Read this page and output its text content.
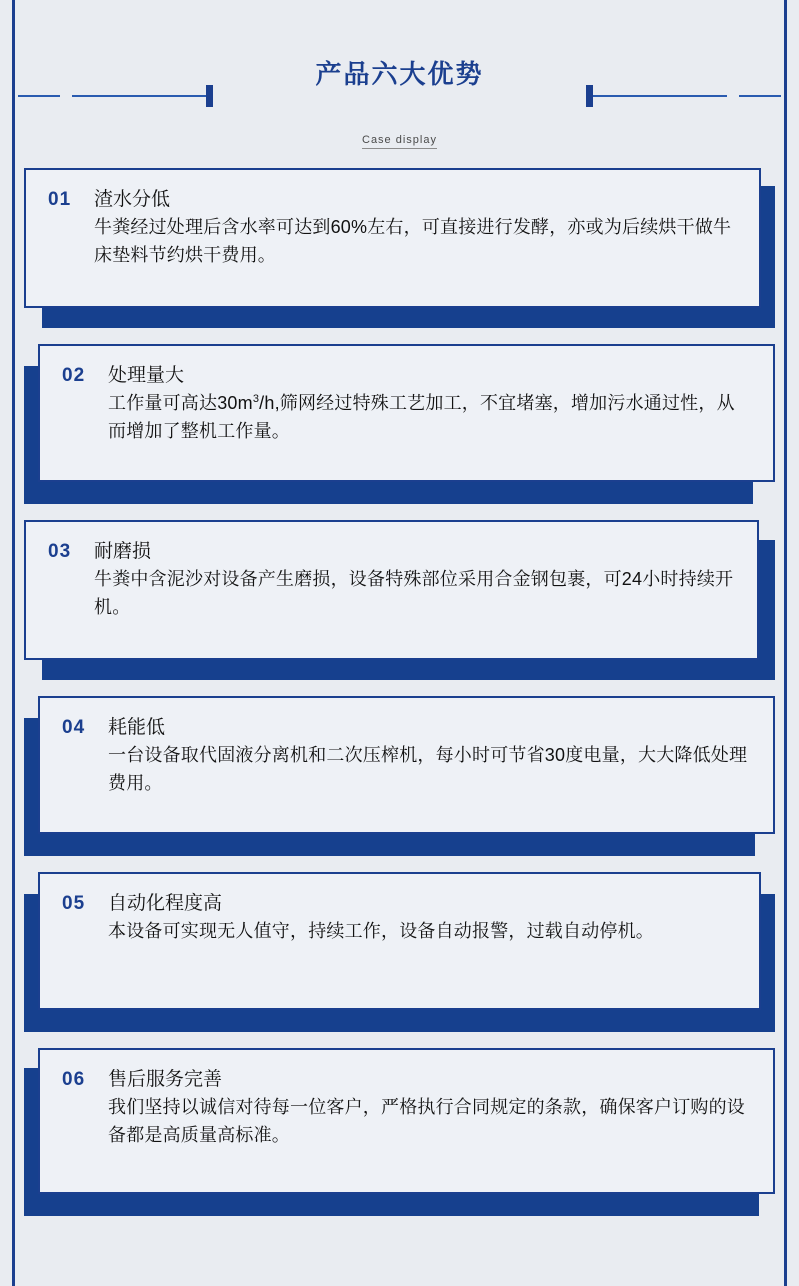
产品六大优势
Case display
01	渣水分低
牛粪经过处理后含水率可达到60%左右，可直接进行发酵，亦或为后续烘干做牛床垫料节约烘干费用。
02	处理量大
工作量可高达$30m^3/h$,筛网经过特殊工艺加工，不宜堵塞，增加污水通过性，从而增加了整机工作量。
03	耐磨损
牛粪中含泥沙对设备产生磨损，设备特殊部位采用合金钢包裹，可24小时持续开机。
04	耗能低
一台设备取代固液分离机和二次压榨机，每小时可节省30度电量，大大降低处理费用。
05	自动化程度高
本设备可实现无人值守，持续工作，设备自动报警，过载自动停机。
06	售后服务完善
我们坚持以诚信对待每一位客户，严格执行合同规定的条款，确保客户订购的设备都是高质量高标准。
